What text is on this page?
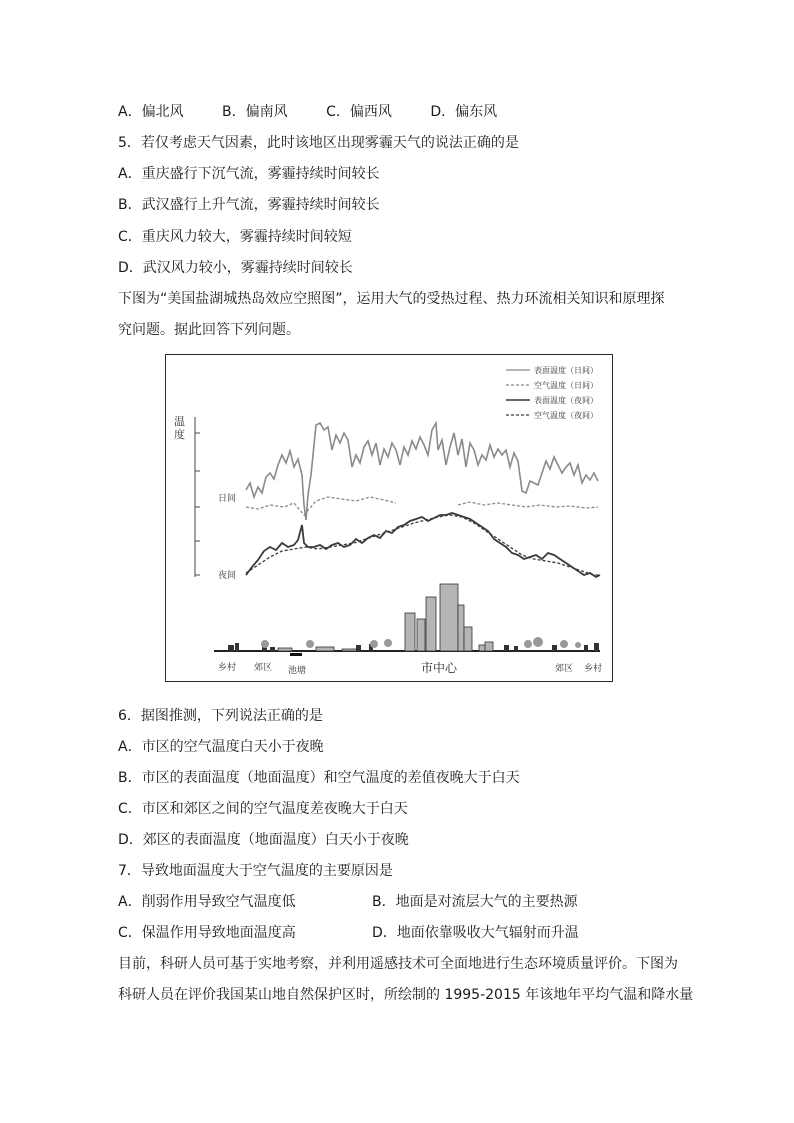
A．偏北风	B．偏南风	C．偏西风	D．偏东风
5．若仅考虑天气因素，此时该地区出现雾霾天气的说法正确的是
A．重庆盛行下沉气流，雾霾持续时间较长
B．武汉盛行上升气流，雾霾持续时间较长
C．重庆风力较大，雾霾持续时间较短
D．武汉风力较小，雾霾持续时间较长
下图为“美国盐湖城热岛效应空照图”，运用大气的受热过程、热力环流相关知识和原理探
究问题。据此回答下列问题。
温
度
日间
夜间
表面温度（日间）
空气温度（日间）
表面温度（夜间）
空气温度（夜间）
乡村 郊区 池塘	市中心	郊区 乡村
6．据图推测，下列说法正确的是
A．市区的空气温度白天小于夜晚
B．市区的表面温度（地面温度）和空气温度的差值夜晚大于白天
C．市区和郊区之间的空气温度差夜晚大于白天
D．郊区的表面温度（地面温度）白天小于夜晚
7．导致地面温度大于空气温度的主要原因是
A．削弱作用导致空气温度低	B．地面是对流层大气的主要热源
C．保温作用导致地面温度高	D．地面依靠吸收大气辐射而升温
目前，科研人员可基于实地考察，并利用遥感技术可全面地进行生态环境质量评价。下图为
科研人员在评价我国某山地自然保护区时，所绘制的 1995-2015 年该地年平均气温和降水量
